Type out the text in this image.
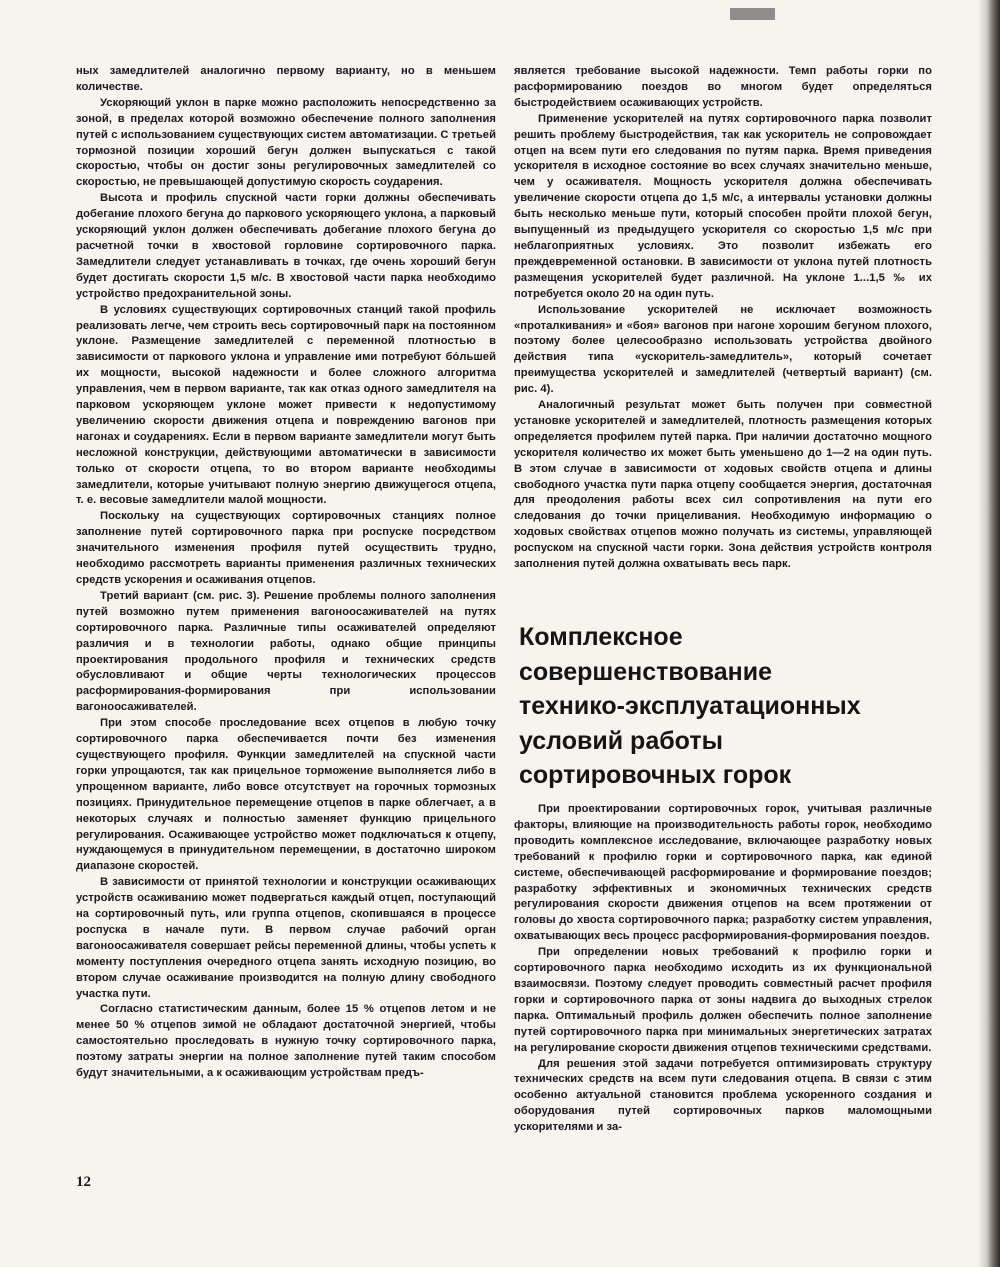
ных замедлителей аналогично первому варианту, но в меньшем количестве.

Ускоряющий уклон в парке можно расположить непосредственно за зоной, в пределах которой возможно обеспечение полного заполнения путей с использованием существующих систем автоматизации. С третьей тормозной позиции хороший бегун должен выпускаться с такой скоростью, чтобы он достиг зоны регулировочных замедлителей со скоростью, не превышающей допустимую скорость соударения.

Высота и профиль спускной части горки должны обеспечивать добегание плохого бегуна до паркового ускоряющего уклона, а парковый ускоряющий уклон должен обеспечивать добегание плохого бегуна до расчетной точки в хвостовой горловине сортировочного парка. Замедлители следует устанавливать в точках, где очень хороший бегун будет достигать скорости 1,5 м/с. В хвостовой части парка необходимо устройство предохранительной зоны.

В условиях существующих сортировочных станций такой профиль реализовать легче, чем строить весь сортировочный парк на постоянном уклоне. Размещение замедлителей с переменной плотностью в зависимости от паркового уклона и управление ими потребуют бо́льшей их мощности, высокой надежности и более сложного алгоритма управления, чем в первом варианте, так как отказ одного замедлителя на парковом ускоряющем уклоне может привести к недопустимому увеличению скорости движения отцепа и повреждению вагонов при нагонах и соударениях. Если в первом варианте замедлители могут быть несложной конструкции, действующими автоматически в зависимости только от скорости отцепа, то во втором варианте необходимы замедлители, которые учитывают полную энергию движущегося отцепа, т. е. весовые замедлители малой мощности.

Поскольку на существующих сортировочных станциях полное заполнение путей сортировочного парка при роспуске посредством значительного изменения профиля путей осуществить трудно, необходимо рассмотреть варианты применения различных технических средств ускорения и осаживания отцепов.

Третий вариант (см. рис. 3). Решение проблемы полного заполнения путей возможно путем применения вагоноосаживателей на путях сортировочного парка. Различные типы осаживателей определяют различия и в технологии работы, однако общие принципы проектирования продольного профиля и технических средств обусловливают и общие черты технологических процессов расформирования-формирования при использовании вагоноосаживателей.

При этом способе проследование всех отцепов в любую точку сортировочного парка обеспечивается почти без изменения существующего профиля. Функции замедлителей на спускной части горки упрощаются, так как прицельное торможение выполняется либо в упрощенном варианте, либо вовсе отсутствует на горочных тормозных позициях. Принудительное перемещение отцепов в парке облегчает, а в некоторых случаях и полностью заменяет функцию прицельного регулирования. Осаживающее устройство может подключаться к отцепу, нуждающемуся в принудительном перемещении, в достаточно широком диапазоне скоростей.

В зависимости от принятой технологии и конструкции осаживающих устройств осаживанию может подвергаться каждый отцеп, поступающий на сортировочный путь, или группа отцепов, скопившаяся в процессе роспуска в начале пути. В первом случае рабочий орган вагоноосаживателя совершает рейсы переменной длины, чтобы успеть к моменту поступления очередного отцепа занять исходную позицию, во втором случае осаживание производится на полную длину свободного участка пути.

Согласно статистическим данным, более 15 % отцепов летом и не менее 50 % отцепов зимой не обладают достаточной энергией, чтобы самостоятельно проследовать в нужную точку сортировочного парка, поэтому затраты энергии на полное заполнение путей таким способом будут значительными, а к осаживающим устройствам предъ-

является требование высокой надежности. Темп работы горки по расформированию поездов во многом будет определяться быстродействием осаживающих устройств.

Применение ускорителей на путях сортировочного парка позволит решить проблему быстродействия, так как ускоритель не сопровождает отцеп на всем пути его следования по путям парка. Время приведения ускорителя в исходное состояние во всех случаях значительно меньше, чем у осаживателя. Мощность ускорителя должна обеспечивать увеличение скорости отцепа до 1,5 м/с, а интервалы установки должны быть несколько меньше пути, который способен пройти плохой бегун, выпущенный из предыдущего ускорителя со скоростью 1,5 м/с при неблагоприятных условиях. Это позволит избежать его преждевременной остановки. В зависимости от уклона путей плотность размещения ускорителей будет различной. На уклоне 1...1,5 ‰ их потребуется около 20 на один путь.

Использование ускорителей не исключает возможность «проталкивания» и «боя» вагонов при нагоне хорошим бегуном плохого, поэтому более целесообразно использовать устройства двойного действия типа «ускоритель-замедлитель», который сочетает преимущества ускорителей и замедлителей (четвертый вариант) (см. рис. 4).

Аналогичный результат может быть получен при совместной установке ускорителей и замедлителей, плотность размещения которых определяется профилем путей парка. При наличии достаточно мощного ускорителя количество их может быть уменьшено до 1—2 на один путь. В этом случае в зависимости от ходовых свойств отцепа и длины свободного участка пути парка отцепу сообщается энергия, достаточная для преодоления работы всех сил сопротивления на пути его следования до точки прицеливания. Необходимую информацию о ходовых свойствах отцепов можно получать из системы, управляющей роспуском на спускной части горки. Зона действия устройств контроля заполнения путей должна охватывать весь парк.

Комплексное
совершенствование
технико-эксплуатационных
условий работы
сортировочных горок

При проектировании сортировочных горок, учитывая различные факторы, влияющие на производительность работы горок, необходимо проводить комплексное исследование, включающее разработку новых требований к профилю горки и сортировочного парка, как единой системе, обеспечивающей расформирование и формирование поездов; разработку эффективных и экономичных технических средств регулирования скорости движения отцепов на всем протяжении от головы до хвоста сортировочного парка; разработку систем управления, охватывающих весь процесс расформирования-формирования поездов.

При определении новых требований к профилю горки и сортировочного парка необходимо исходить из их функциональной взаимосвязи. Поэтому следует проводить совместный расчет профиля горки и сортировочного парка от зоны надвига до выходных стрелок парка. Оптимальный профиль должен обеспечить полное заполнение путей сортировочного парка при минимальных энергетических затратах на регулирование скорости движения отцепов техническими средствами.

Для решения этой задачи потребуется оптимизировать структуру технических средств на всем пути следования отцепа. В связи с этим особенно актуальной становится проблема ускоренного создания и оборудования путей сортировочных парков маломощными ускорителями и за-

12
